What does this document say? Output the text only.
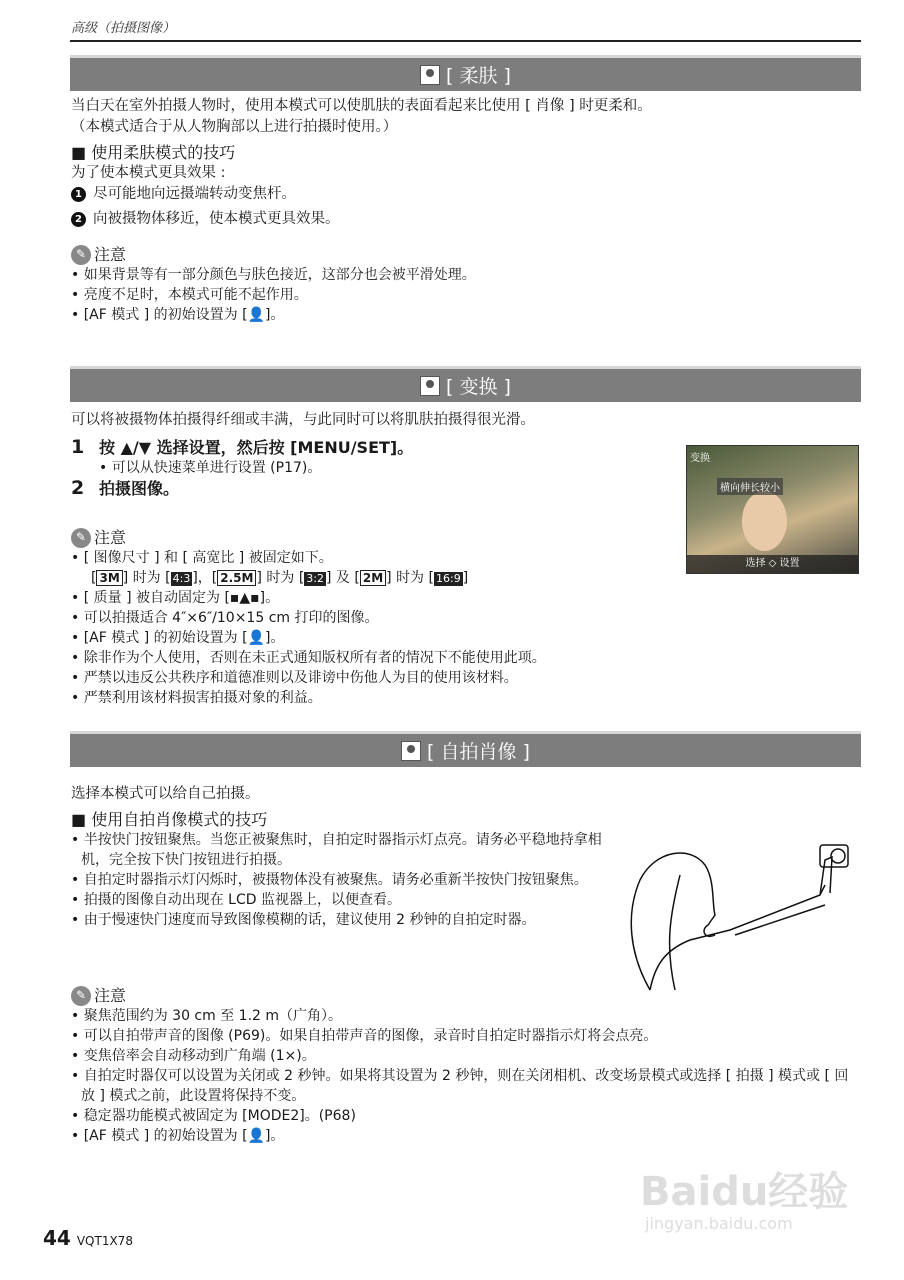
高级（拍摄图像）
[ 柔肤 ]

当白天在室外拍摄人物时，使用本模式可以使肌肤的表面看起来比使用 [ 肖像 ] 时更柔和。

（本模式适合于从人物胸部以上进行拍摄时使用。）

■ 使用柔肤模式的技巧
为了使本模式更具效果 :
1 尽可能地向远摄端转动变焦杆。
2 向被摄物体移近，使本模式更具效果。
✎ 注意
• 如果背景等有一部分颜色与肤色接近，这部分也会被平滑处理。
• 亮度不足时，本模式可能不起作用。
• [AF 模式 ] 的初始设置为 [👤]。
[ 变换 ]

可以将被摄物体拍摄得纤细或丰满，与此同时可以将肌肤拍摄得很光滑。

1 按 ▲/▼ 选择设置，然后按 [MENU/SET]。
• 可以从快速菜单进行设置 (P17)。
2 拍摄图像。
✎ 注意
• [ 图像尺寸 ] 和 [ 高宽比 ] 被固定如下。
[ 3M ] 时为 [ 4:3 ]，[ 2.5M ] 时为 [ 3:2 ] 及 [ 2M ] 时为 [ 16:9 ]
• [ 质量 ] 被自动固定为 [▪▲▪]。
• 可以拍摄适合 4″×6″/10×15 cm 打印的图像。
• [AF 模式 ] 的初始设置为 [👤]。
• 除非作为个人使用，否则在未正式通知版权所有者的情况下不能使用此项。
• 严禁以违反公共秩序和道德准则以及诽谤中伤他人为目的使用该材料。
• 严禁利用该材料损害拍摄对象的利益。
变换
横向伸长较小
选择 ◇ 设置
[ 自拍肖像 ]

选择本模式可以给自己拍摄。

■ 使用自拍肖像模式的技巧
• 半按快门按钮聚焦。当您正被聚焦时，自拍定时器指示灯点亮。请务必平稳地持拿相机，完全按下快门按钮进行拍摄。
• 自拍定时器指示灯闪烁时，被摄物体没有被聚焦。请务必重新半按快门按钮聚焦。
• 拍摄的图像自动出现在 LCD 监视器上，以便查看。
• 由于慢速快门速度而导致图像模糊的话，建议使用 2 秒钟的自拍定时器。
✎ 注意
• 聚焦范围约为 30 cm 至 1.2 m（广角）。
• 可以自拍带声音的图像 (P69)。如果自拍带声音的图像，录音时自拍定时器指示灯将会点亮。
• 变焦倍率会自动移动到广角端 (1×)。
• 自拍定时器仅可以设置为关闭或 2 秒钟。如果将其设置为 2 秒钟，则在关闭相机、改变场景模式或选择 [ 拍摄 ] 模式或 [ 回放 ] 模式之前，此设置将保持不变。
• 稳定器功能模式被固定为 [MODE2]。(P68)
• [AF 模式 ] 的初始设置为 [👤]。
44 VQT1X78
Baidu经验
jingyan.baidu.com
